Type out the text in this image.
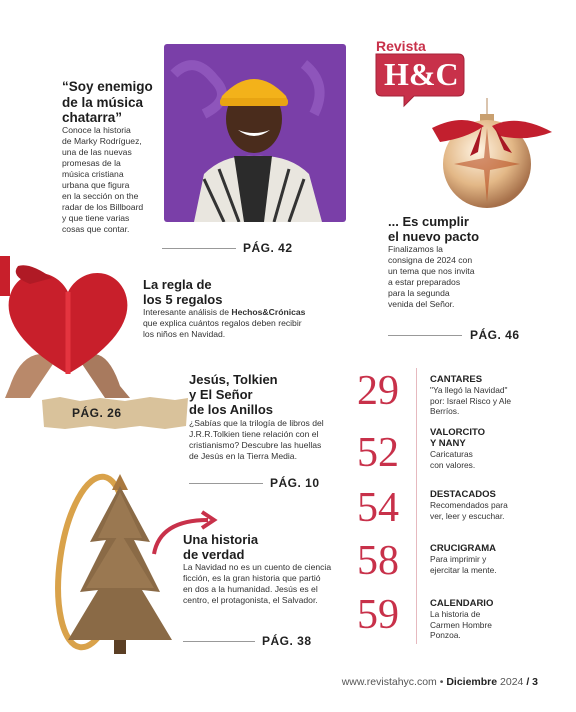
“Soy enemigo
de la música
chatarra”
Conoce la historia
de Marky Rodríguez,
una de las nuevas
promesas de la
música cristiana
urbana que figura
en la sección on the
radar de los Billboard
y que tiene varias
cosas que contar.
PÁG. 42
Revista
H&C
... Es cumplir
el nuevo pacto
Finalizamos la
consigna de 2024 con
un tema que nos invita
a estar preparados
para la segunda
venida del Señor.
PÁG. 46
La regla de
los 5 regalos
Interesante análisis de Hechos&Crónicas
que explica cuántos regalos deben recibir
los niños en Navidad.
PÁG. 26
Jesús, Tolkien
y El Señor
de los Anillos
¿Sabías que la trilogía de libros del
J.R.R.Tolkien tiene relación con el
cristianismo? Descubre las huellas
de Jesús en la Tierra Media.
PÁG. 10
Una historia
de verdad
La Navidad no es un cuento de ciencia
ficción, es la gran historia que partió
en dos a la humanidad. Jesús es el
centro, el protagonista, el Salvador.
PÁG. 38
29	CANTARES
"Ya llegó la Navidad"
por: Israel Risco y Ale
Berríos.
52	VALORCITO
Y NANY
Caricaturas
con valores.
54	DESTACADOS
Recomendados para
ver, leer y escuchar.
58	CRUCIGRAMA
Para imprimir y
ejercitar la mente.
59	CALENDARIO
La historia de
Carmen Hombre
Ponzoa.
www.revistahyc.com • Diciembre 2024 / 3
